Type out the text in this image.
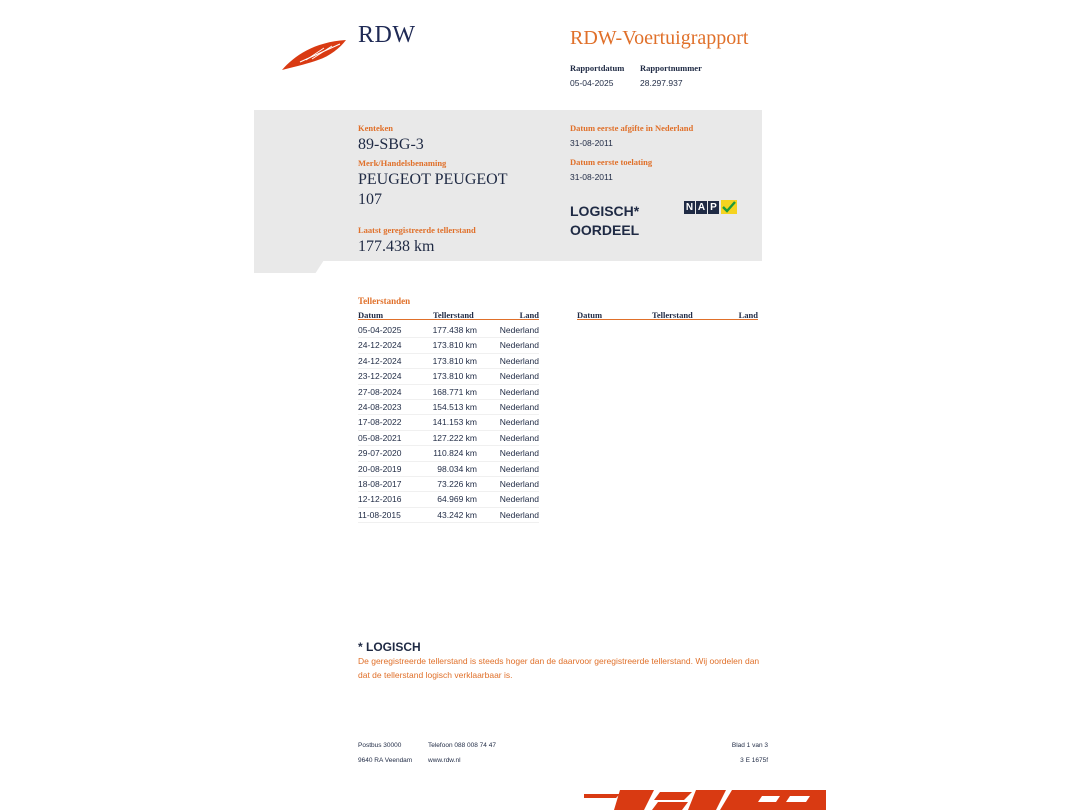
RDW	RDW-Voertuigrapport
Rapportdatum
05-04-2025
Rapportnummer
28.297.937
Kenteken
89-SBG-3
Merk/Handelsbenaming
PEUGEOT PEUGEOT
107
Laatst geregistreerde tellerstand
177.438 km
Datum eerste afgifte in Nederland
31-08-2011
Datum eerste toelating
31-08-2011
LOGISCH*
OORDEEL
N A P
Tellerstanden
Datum	Tellerstand	Land	Datum	Tellerstand	Land
05-04-2025	177.438 km	Nederland
24-12-2024	173.810 km	Nederland
24-12-2024	173.810 km	Nederland
23-12-2024	173.810 km	Nederland
27-08-2024	168.771 km	Nederland
24-08-2023	154.513 km	Nederland
17-08-2022	141.153 km	Nederland
05-08-2021	127.222 km	Nederland
29-07-2020	110.824 km	Nederland
20-08-2019	98.034 km	Nederland
18-08-2017	73.226 km	Nederland
12-12-2016	64.969 km	Nederland
11-08-2015	43.242 km	Nederland
* LOGISCH
De geregistreerde tellerstand is steeds hoger dan de daarvoor geregistreerde tellerstand. Wij oordelen dan dat de tellerstand logisch verklaarbaar is.
Postbus 30000
9640 RA Veendam
Telefoon 088 008 74 47
www.rdw.nl
Blad 1 van 3
3 E 1675f
